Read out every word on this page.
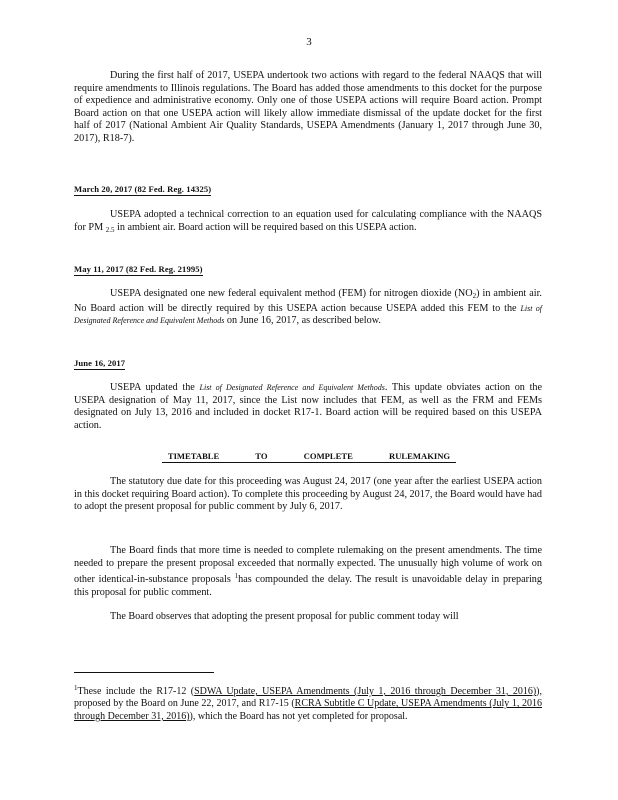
3

During the first half of 2017, USEPA undertook two actions with regard to the federal NAAQS that will require amendments to Illinois regulations. The Board has added those amendments to this docket for the purpose of expedience and administrative economy. Only one of those USEPA actions will require Board action. Prompt Board action on that one USEPA action will likely allow immediate dismissal of the update docket for the first half of 2017 (National Ambient Air Quality Standards, USEPA Amendments (January 1, 2017 through June 30, 2017), R18-7).

March 20, 2017 (82 Fed. Reg. 14325)

USEPA adopted a technical correction to an equation used for calculating compliance with the NAAQS for PM $_{2.5}$ in ambient air. Board action will be required based on this USEPA action.

May 11, 2017 (82 Fed. Reg. 21995)

USEPA designated one new federal equivalent method (FEM) for nitrogen dioxide $(NO_2)$ in ambient air. No Board action will be directly required by this USEPA action because USEPA added this FEM to the List of Designated Reference and Equivalent Methods on June 16, 2017, as described below.

June 16, 2017

USEPA updated the List of Designated Reference and Equivalent Methods. This update obviates action on the USEPA designation of May 11, 2017, since the List now includes that FEM, as well as the FRM and FEMs designated on July 13, 2016 and included in docket R17-1. Board action will be required based on this USEPA action.

TIMETABLE TO COMPLETE RULEMAKING

The statutory due date for this proceeding was August 24, 2017 (one year after the earliest USEPA action in this docket requiring Board action). To complete this proceeding by August 24, 2017, the Board would have had to adopt the present proposal for public comment by July 6, 2017.

The Board finds that more time is needed to complete rulemaking on the present amendments. The time needed to prepare the present proposal exceeded that normally expected. The unusually high volume of work on other identical-in-substance proposals $^1$has compounded the delay. The result is unavoidable delay in preparing this proposal for public comment.

The Board observes that adopting the present proposal for public comment today will

$^1$These include the R17-12 (SDWA Update, USEPA Amendments (July 1, 2016 through December 31, 2016)), proposed by the Board on June 22, 2017, and R17-15 (RCRA Subtitle C Update, USEPA Amendments (July 1, 2016 through December 31, 2016)), which the Board has not yet completed for proposal.
